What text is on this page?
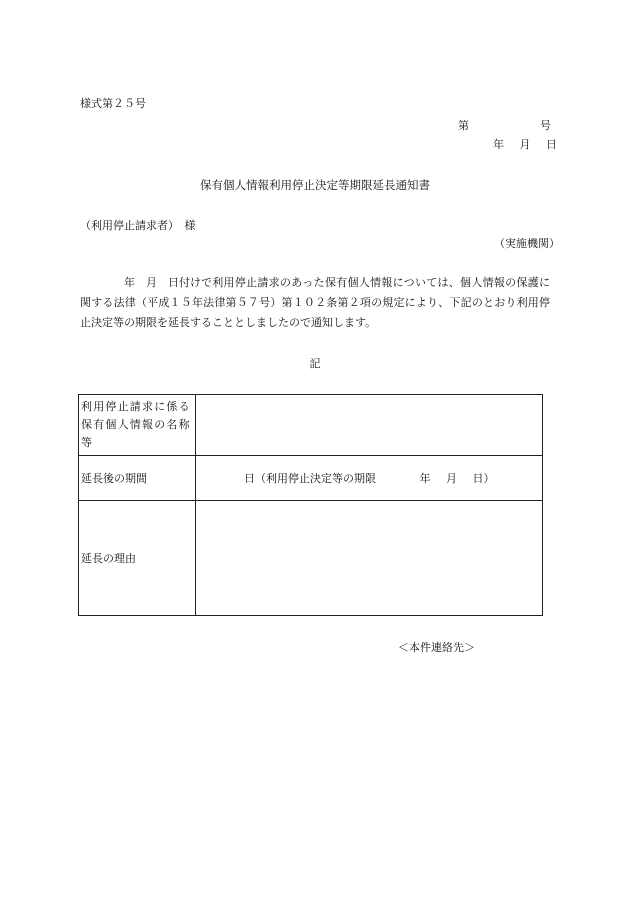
様式第２５号
第	号
年 月 日
保有個人情報利用停止決定等期限延長通知書
（利用停止請求者）　様
（実施機関）
年　月　日付けで利用停止請求のあった保有個人情報については、個人情報の保護に関する法律（平成１５年法律第５７号）第１０２条第２項の規定により、下記のとおり利用停止決定等の期限を延長することとしましたので通知します。
記
利用停止請求に係る保有個人情報の名称等	

延長後の期間	日（利用停止決定等の期限 年 月 日）
延長の理由	
＜本件連絡先＞
